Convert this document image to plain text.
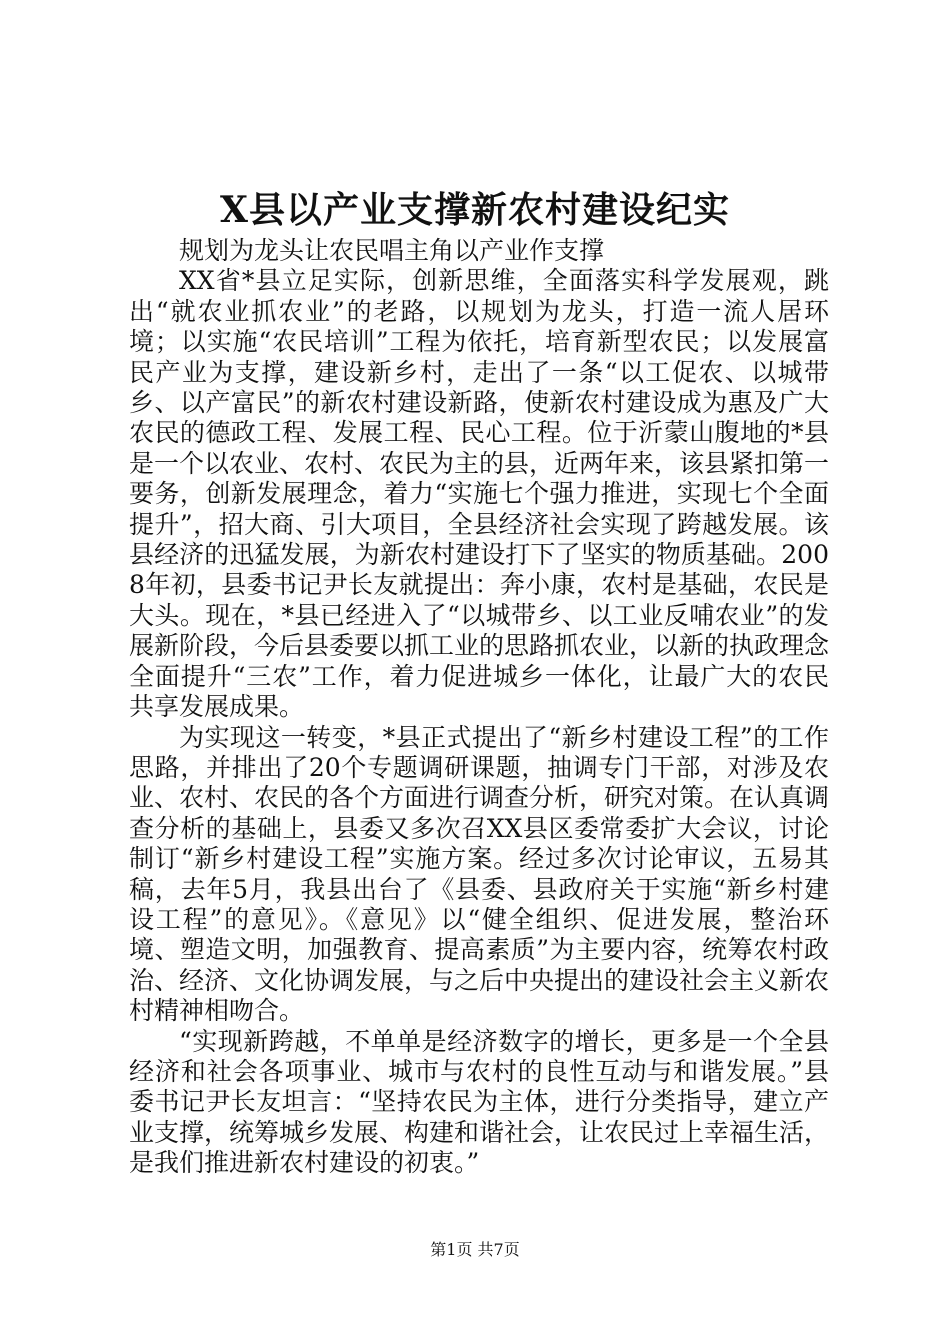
X县以产业支撑新农村建设纪实

规划为龙头让农民唱主角以产业作支撑

XX省*县立足实际，创新思维，全面落实科学发展观，跳出“就农业抓农业”的老路，以规划为龙头，打造一流人居环境；以实施“农民培训”工程为依托，培育新型农民；以发展富民产业为支撑，建设新乡村，走出了一条“以工促农、以城带乡、以产富民”的新农村建设新路，使新农村建设成为惠及广大农民的德政工程、发展工程、民心工程。位于沂蒙山腹地的*县是一个以农业、农村、农民为主的县，近两年来，该县紧扣第一要务，创新发展理念，着力“实施七个强力推进，实现七个全面提升”，招大商、引大项目，全县经济社会实现了跨越发展。该县经济的迅猛发展，为新农村建设打下了坚实的物质基础。2008年初，县委书记尹长友就提出：奔小康，农村是基础，农民是大头。现在，*县已经进入了“以城带乡、以工业反哺农业”的发展新阶段，今后县委要以抓工业的思路抓农业，以新的执政理念全面提升“三农”工作，着力促进城乡一体化，让最广大的农民共享发展成果。

为实现这一转变，*县正式提出了“新乡村建设工程”的工作思路，并排出了20个专题调研课题，抽调专门干部，对涉及农业、农村、农民的各个方面进行调查分析，研究对策。在认真调查分析的基础上，县委又多次召XX县区委常委扩大会议，讨论制订“新乡村建设工程”实施方案。经过多次讨论审议，五易其稿，去年5月，我县出台了《县委、县政府关于实施“新乡村建设工程”的意见》。《意见》以“健全组织、促进发展，整治环境、塑造文明，加强教育、提高素质”为主要内容，统筹农村政治、经济、文化协调发展，与之后中央提出的建设社会主义新农村精神相吻合。

“实现新跨越，不单单是经济数字的增长，更多是一个全县经济和社会各项事业、城市与农村的良性互动与和谐发展。”县委书记尹长友坦言：“坚持农民为主体，进行分类指导，建立产业支撑，统筹城乡发展、构建和谐社会，让农民过上幸福生活，是我们推进新农村建设的初衷。”

第1页 共7页
